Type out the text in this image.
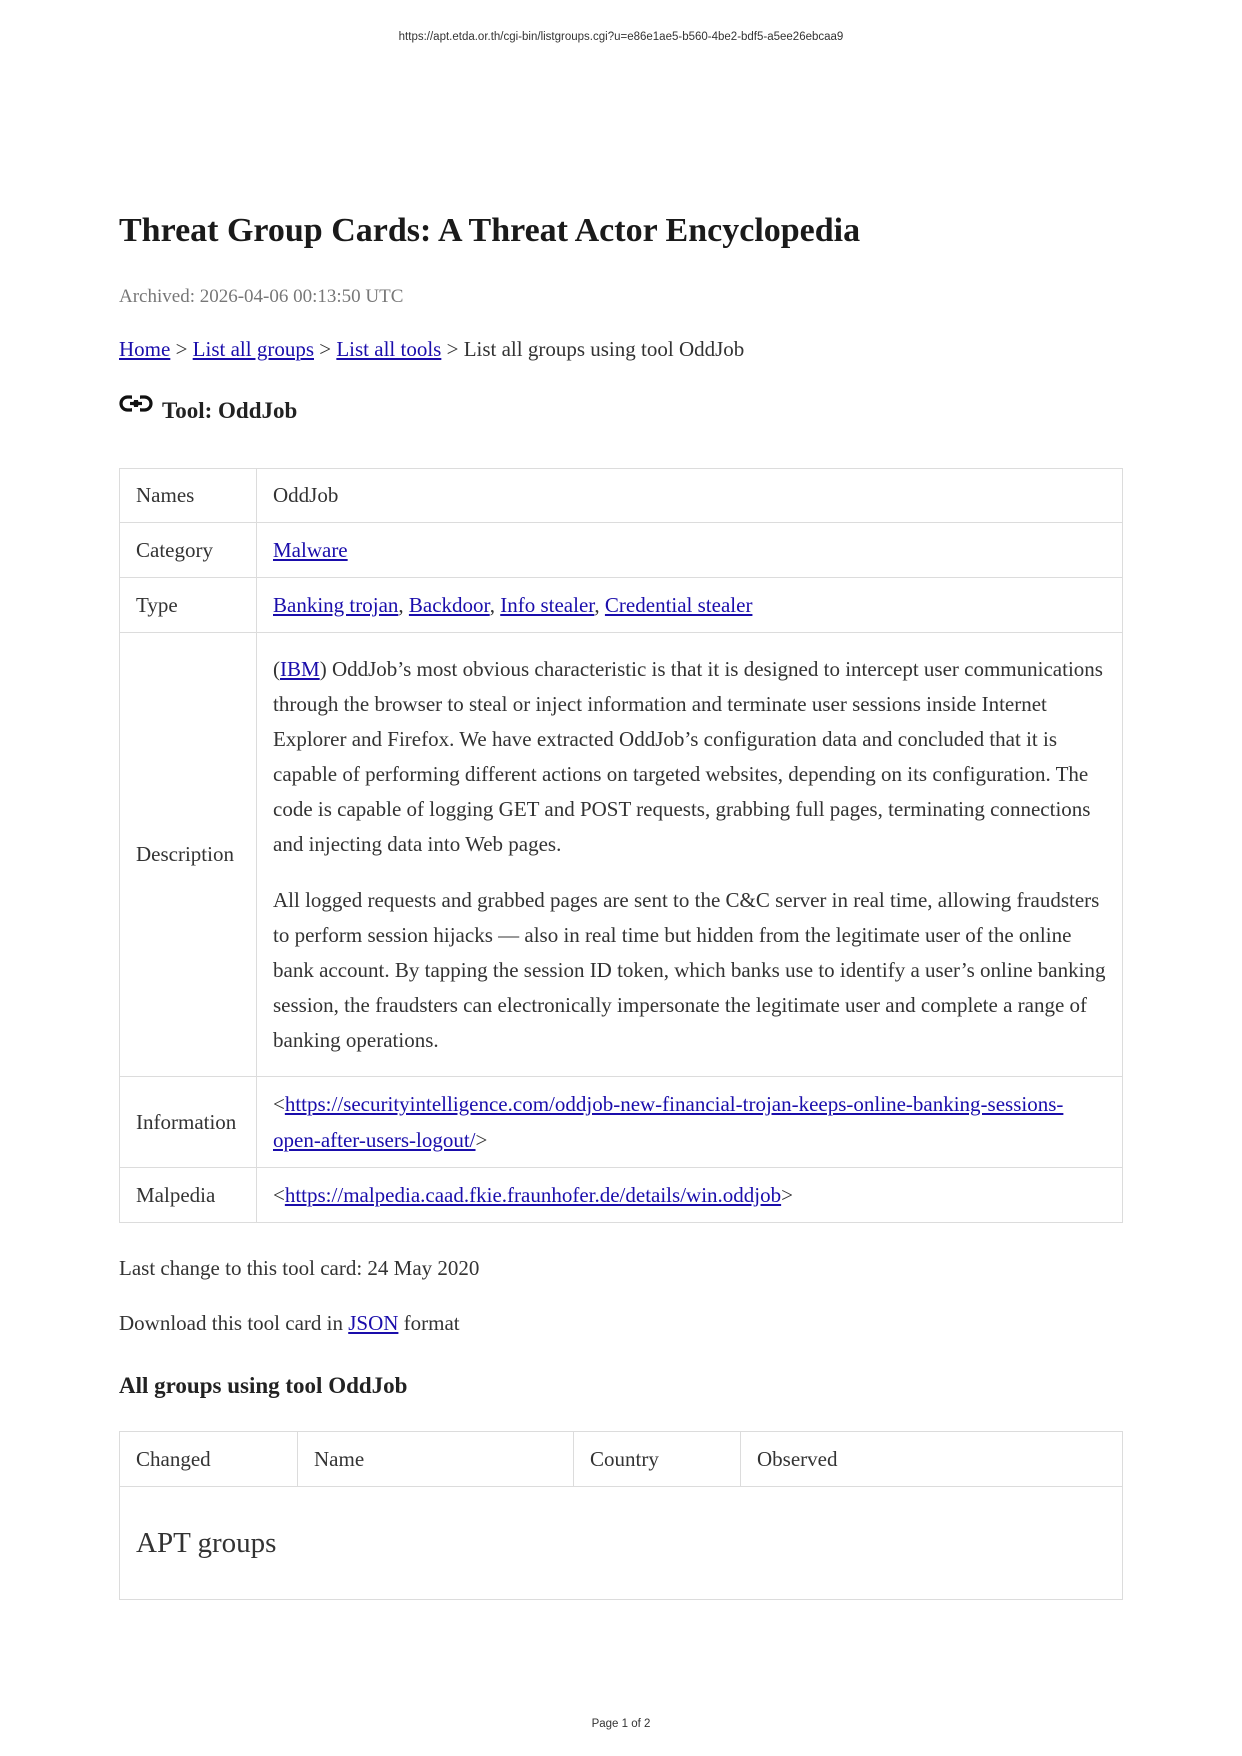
https://apt.etda.or.th/cgi-bin/listgroups.cgi?u=e86e1ae5-b560-4be2-bdf5-a5ee26ebcaa9
Threat Group Cards: A Threat Actor Encyclopedia
Archived: 2026-04-06 00:13:50 UTC
Home > List all groups > List all tools > List all groups using tool OddJob
Tool: OddJob
Names	OddJob
Category	Malware
Type	Banking trojan, Backdoor, Info stealer, Credential stealer
Description	(IBM) OddJob’s most obvious characteristic is that it is designed to intercept user communications through the browser to steal or inject information and terminate user sessions inside Internet Explorer and Firefox. We have extracted OddJob’s configuration data and concluded that it is capable of performing different actions on targeted websites, depending on its configuration. The code is capable of logging GET and POST requests, grabbing full pages, terminating connections and injecting data into Web pages.

All logged requests and grabbed pages are sent to the C&C server in real time, allowing fraudsters to perform session hijacks — also in real time but hidden from the legitimate user of the online bank account. By tapping the session ID token, which banks use to identify a user’s online banking session, the fraudsters can electronically impersonate the legitimate user and complete a range of banking operations.

Information	<https://securityintelligence.com/oddjob-new-financial-trojan-keeps-online-banking-sessions-open-after-users-logout/>
Malpedia	<https://malpedia.caad.fkie.fraunhofer.de/details/win.oddjob>
Last change to this tool card: 24 May 2020
Download this tool card in JSON format
All groups using tool OddJob
Changed	Name	Country	Observed
APT groups
Page 1 of 2
